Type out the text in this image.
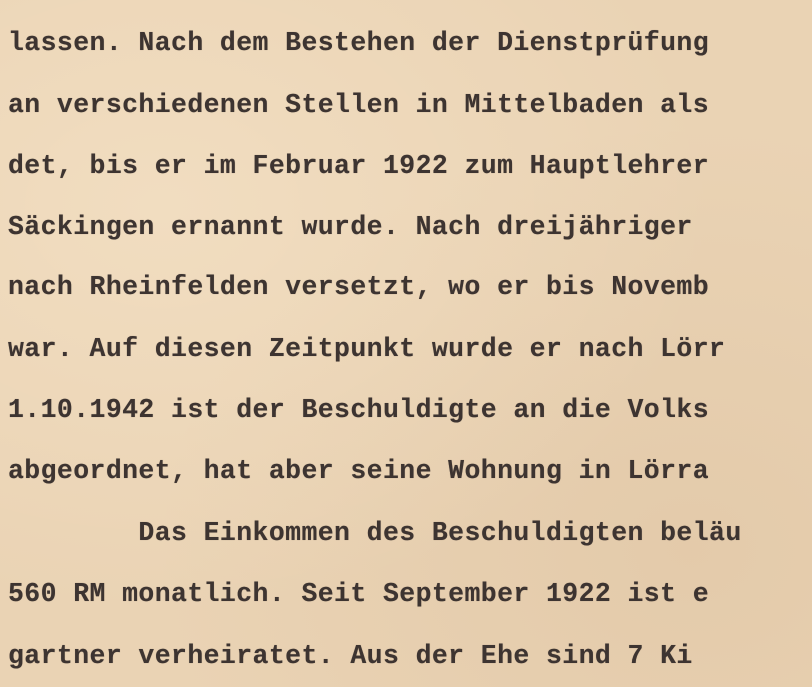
lassen. Nach dem Bestehen der Dienstprüfung
an verschiedenen Stellen in Mittelbaden als
det, bis er im Februar 1922 zum Hauptlehrer
Säckingen ernannt wurde. Nach dreijähriger
nach Rheinfelden versetzt, wo er bis Novemb
war. Auf diesen Zeitpunkt wurde er nach Lörr
1.10.1942 ist der Beschuldigte an die Volks
abgeordnet, hat aber seine Wohnung in Lörra
Das Einkommen des Beschuldigten beläu
560 RM monatlich. Seit September 1922 ist e
gartner verheiratet. Aus der Ehe sind 7 Ki
